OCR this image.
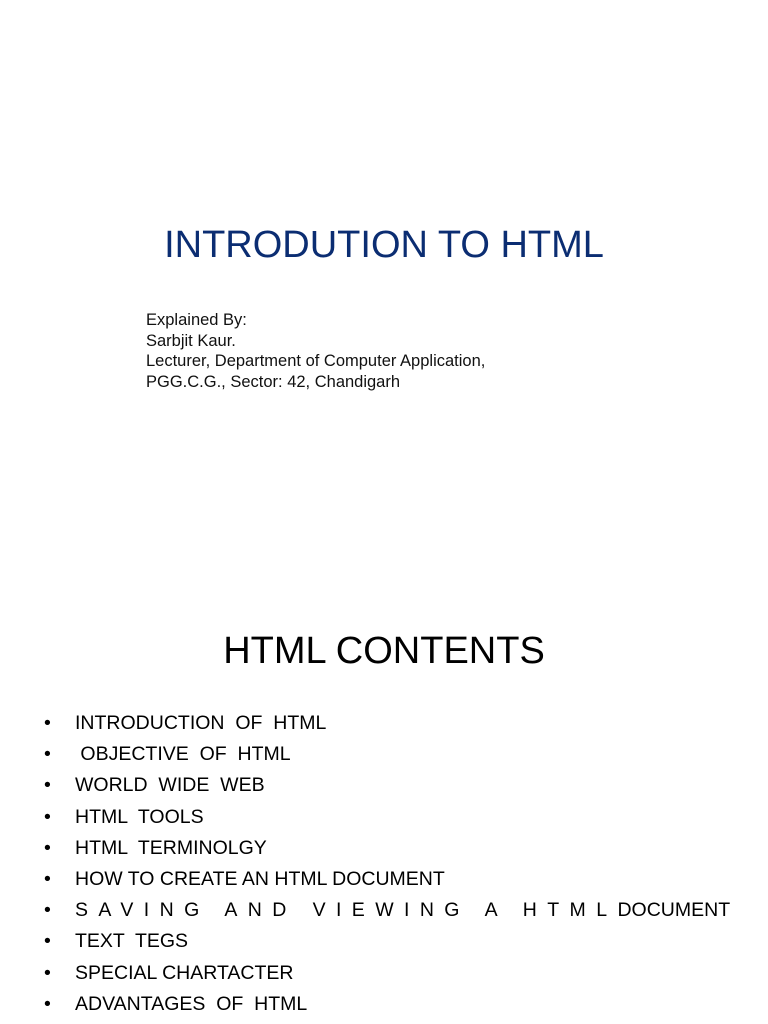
INTRODUTION TO HTML
Explained By:
Sarbjit Kaur.
Lecturer, Department of Computer Application,
PGG.C.G., Sector: 42, Chandigarh
HTML CONTENTS
• INTRODUCTION  OF  HTML
• OBJECTIVE  OF  HTML
• WORLD  WIDE  WEB
• HTML  TOOLS
• HTML  TERMINOLGY
• HOW TO CREATE AN HTML DOCUMENT
• SAVING AND VIEWING A HTMLDOCUMENT
• TEXT  TEGS
• SPECIAL CHARTACTER
• ADVANTAGES  OF  HTML
